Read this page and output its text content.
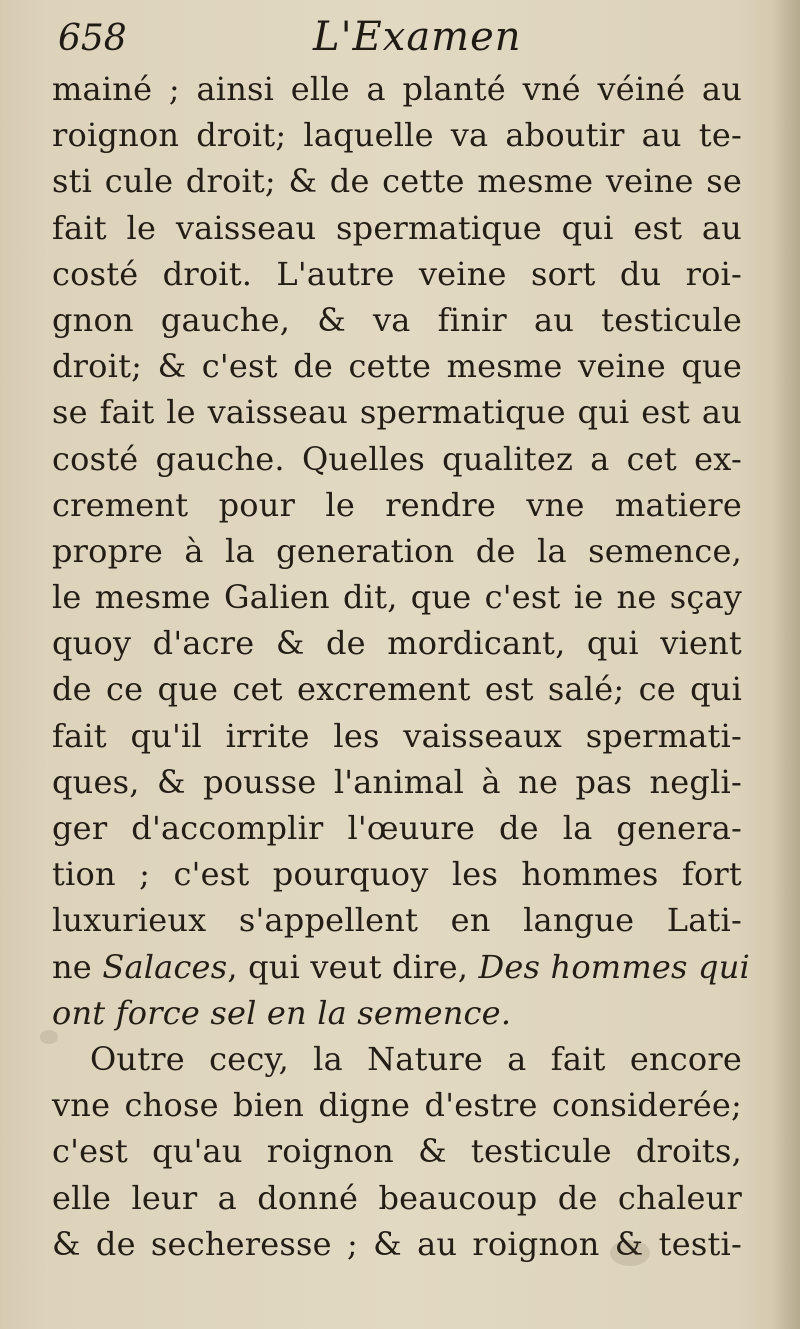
658	L'Examen
mainé ; ainsi elle a planté vné véiné au
roignon droit; laquelle va aboutir au te-
sti cule droit; & de cette mesme veine se
fait le vaisseau spermatique qui est au
costé droit. L'autre veine sort du roi-
gnon gauche, & va finir au testicule
droit; & c'est de cette mesme veine que
se fait le vaisseau spermatique qui est au
costé gauche. Quelles qualitez a cet ex-
crement pour le rendre vne matiere
propre à la generation de la semence,
le mesme Galien dit, que c'est ie ne sçay
quoy d'acre & de mordicant, qui vient
de ce que cet excrement est salé; ce qui
fait qu'il irrite les vaisseaux spermati-
ques, & pousse l'animal à ne pas negli-
ger d'accomplir l'œuure de la genera-
tion ; c'est pourquoy les hommes fort
luxurieux s'appellent en langue Lati-
ne Salaces, qui veut dire, Des hommes qui
ont force sel en la semence.
Outre cecy, la Nature a fait encore
vne chose bien digne d'estre considerée;
c'est qu'au roignon & testicule droits,
elle leur a donné beaucoup de chaleur
& de secheresse ; & au roignon & testi-
